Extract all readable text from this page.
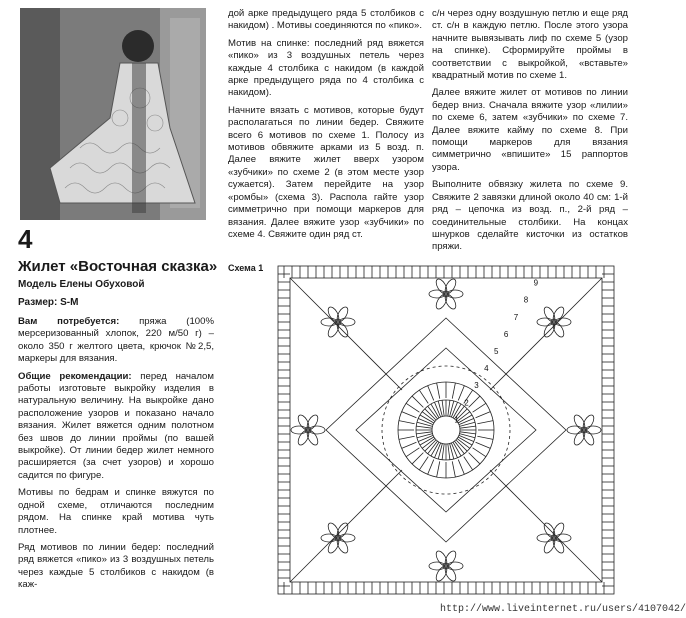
4
Жилет «Восточная сказка»
Модель Елены Обуховой
Размер: S-M

Вам потребуется: пряжа (100% мерсеризованный хлопок, 220 м/50 г) – около 350 г желтого цвета, крючок №2,5, маркеры для вязания.

Общие рекомендации: перед началом работы изготовьте выкройку изделия в натуральную величину. На выкройке дано расположение узоров и показано начало вязания. Жилет вяжется одним полотном без швов до линии проймы (по вашей выкройке). От линии бедер жилет немного расширяется (за счет узоров) и хорошо садится по фигуре.

Мотивы по бедрам и спинке вяжутся по одной схеме, отличаются последним рядом. На спинке край мотива чуть плотнее.

Ряд мотивов по линии бедер: последний ряд вяжется «пико» из 3 воздушных петель через каждые 5 столбиков с накидом (в каж-

дой арке предыдущего ряда 5 столбиков с накидом) . Мотивы соединяются по «пико».

Мотив на спинке: последний ряд вяжется «пико» из 3 воздушных петель через каждые 4 столбика с накидом (в каждой арке предыдущего ряда по 4 столбика с накидом).

Начните вязать с мотивов, которые будут располагаться по линии бедер. Свяжите всего 6 мотивов по схеме 1. Полосу из мотивов обвяжите арками из 5 возд. п. Далее вяжите жилет вверх узором «зубчики» по схеме 2 (в этом месте узор сужается). Затем перейдите на узор «ромбы» (схема 3). Распола гайте узор симметрично при помощи маркеров для вязания. Далее вяжите узор «зубчики» по схеме 4. Свяжите один ряд ст.

с/н через одну воздушную петлю и еще ряд ст. с/н в каждую петлю. После этого узора начните вывязывать лиф по схеме 5 (узор на спинке). Сформируйте проймы в соответствии с выкройкой, «вставьте» квадратный мотив по схеме 1.

Далее вяжите жилет от мотивов по линии бедер вниз. Сначала вяжите узор «лилии» по схеме 6, затем «зубчики» по схеме 7. Далее вяжите кайму по схеме 8. При помощи маркеров для вязания симметрично «впишите» 15 раппортов узора.

Выполните обвязку жилета по схеме 9. Свяжите 2 завязки длиной около 40 см: 1-й ряд – цепочка из возд. п., 2-й ряд – соединительные столбики. На концах шнурков сделайте кисточки из остатков пряжи.

Схема 1
1
2
3
4
5
6
7
8
9
http://www.liveinternet.ru/users/4107042/
